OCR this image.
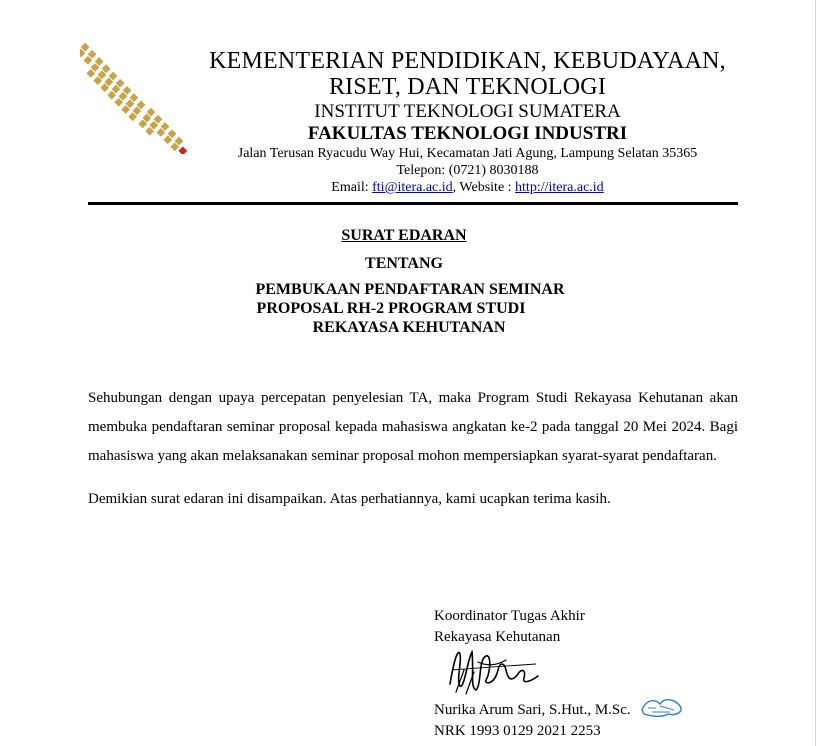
KEMENTERIAN PENDIDIKAN, KEBUDAYAAN, RISET, DAN TEKNOLOGI
INSTITUT TEKNOLOGI SUMATERA
FAKULTAS TEKNOLOGI INDUSTRI
Jalan Terusan Ryacudu Way Hui, Kecamatan Jati Agung, Lampung Selatan 35365
Telepon: (0721) 8030188
Email: fti@itera.ac.id, Website : http://itera.ac.id
SURAT EDARAN
TENTANG
PEMBUKAAN PENDAFTARAN SEMINAR
PROPOSAL RH-2 PROGRAM STUDI
REKAYASA KEHUTANAN

Sehubungan dengan upaya percepatan penyelesian TA, maka Program Studi Rekayasa Kehutanan akan membuka pendaftaran seminar proposal kepada mahasiswa angkatan ke-2 pada tanggal 20 Mei 2024. Bagi mahasiswa yang akan melaksanakan seminar proposal mohon mempersiapkan syarat-syarat pendaftaran.

Demikian surat edaran ini disampaikan. Atas perhatiannya, kami ucapkan terima kasih.

Koordinator Tugas Akhir
Rekayasa Kehutanan
Nurika Arum Sari, S.Hut., M.Sc.
NRK 1993 0129 2021 2253
